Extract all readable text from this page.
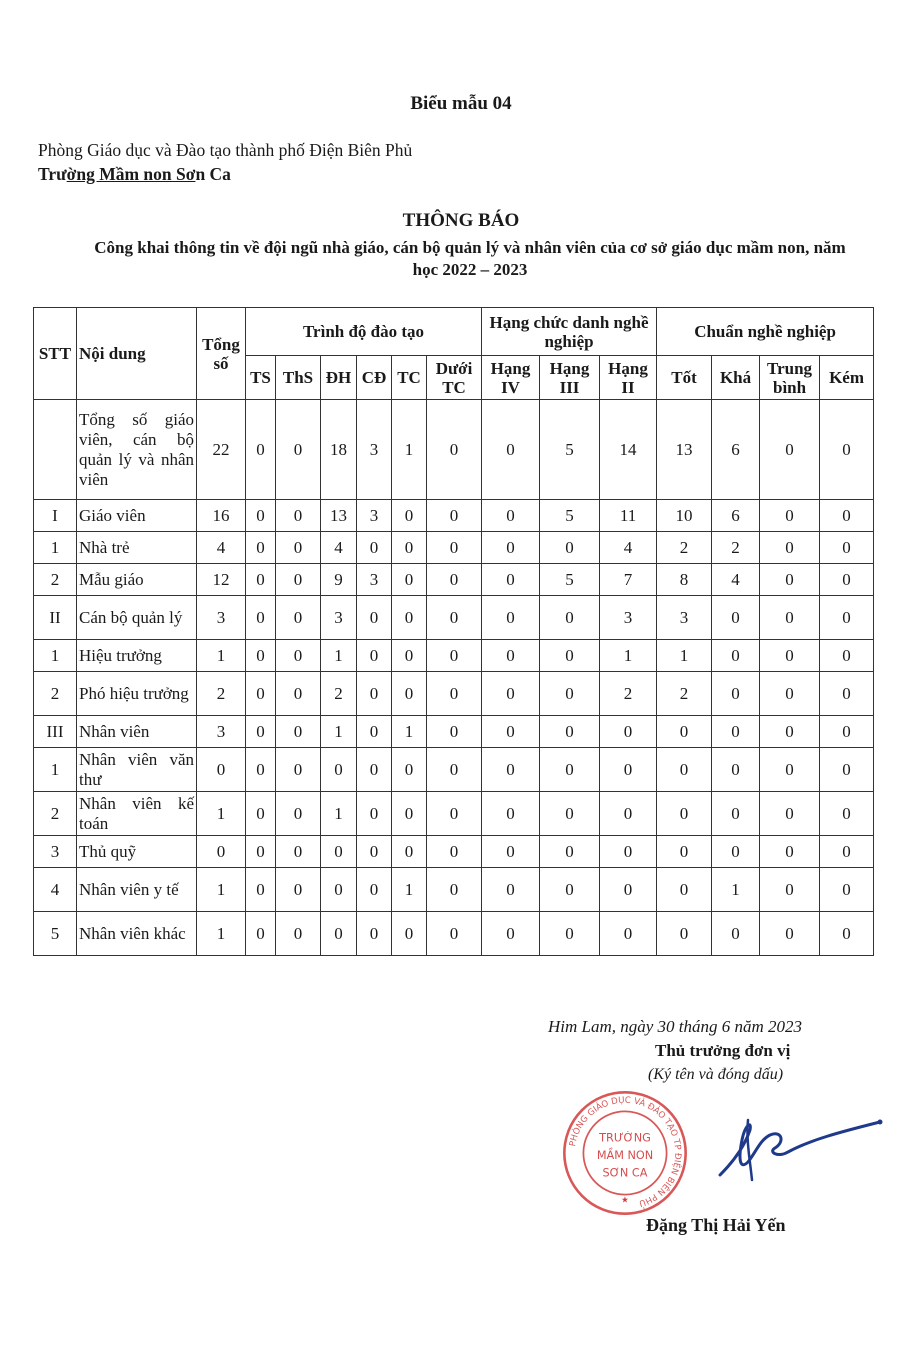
Biểu mẫu 04
Phòng Giáo dục và Đào tạo thành phố Điện Biên Phủ
Trường Mầm non Sơn Ca
THÔNG BÁO
Công khai thông tin về đội ngũ nhà giáo, cán bộ quản lý và nhân viên của cơ sở giáo dục mầm non, năm học 2022 – 2023
STT	Nội dung	Tổng số	Trình độ đào tạo						Hạng chức danh nghề nghiệp			Chuẩn nghề nghiệp			
			TS	ThS	ĐH	CĐ	TC	Dưới TC	Hạng IV	Hạng III	Hạng II	Tốt	Khá	Trung bình	Kém
	Tổng số giáo viên, cán bộ quản lý và nhân viên	22	0	0	18	3	1	0	0	5	14	13	6	0	0
I	Giáo viên	16	0	0	13	3	0	0	0	5	11	10	6	0	0
1	Nhà trẻ	4	0	0	4	0	0	0	0	0	4	2	2	0	0
2	Mẫu giáo	12	0	0	9	3	0	0	0	5	7	8	4	0	0
II	Cán bộ quản lý	3	0	0	3	0	0	0	0	0	3	3	0	0	0
1	Hiệu trưởng	1	0	0	1	0	0	0	0	0	1	1	0	0	0
2	Phó hiệu trưởng	2	0	0	2	0	0	0	0	0	2	2	0	0	0
III	Nhân viên	3	0	0	1	0	1	0	0	0	0	0	0	0	0
1	Nhân viên văn thư	0	0	0	0	0	0	0	0	0	0	0	0	0	0
2	Nhân viên kế toán	1	0	0	1	0	0	0	0	0	0	0	0	0	0
3	Thủ quỹ	0	0	0	0	0	0	0	0	0	0	0	0	0	0
4	Nhân viên y tế	1	0	0	0	0	1	0	0	0	0	0	1	0	0
5	Nhân viên khác	1	0	0	0	0	0	0	0	0	0	0	0	0	0
Him Lam, ngày 30 tháng 6 năm 2023
Thủ trưởng đơn vị
(Ký tên và đóng dấu)
PHÒNG GIÁO DỤC VÀ ĐÀO TẠO TP ĐIỆN BIÊN PHỦ
TRƯỜNG
MẦM NON
SƠN CA
★
Đặng Thị Hải Yến
